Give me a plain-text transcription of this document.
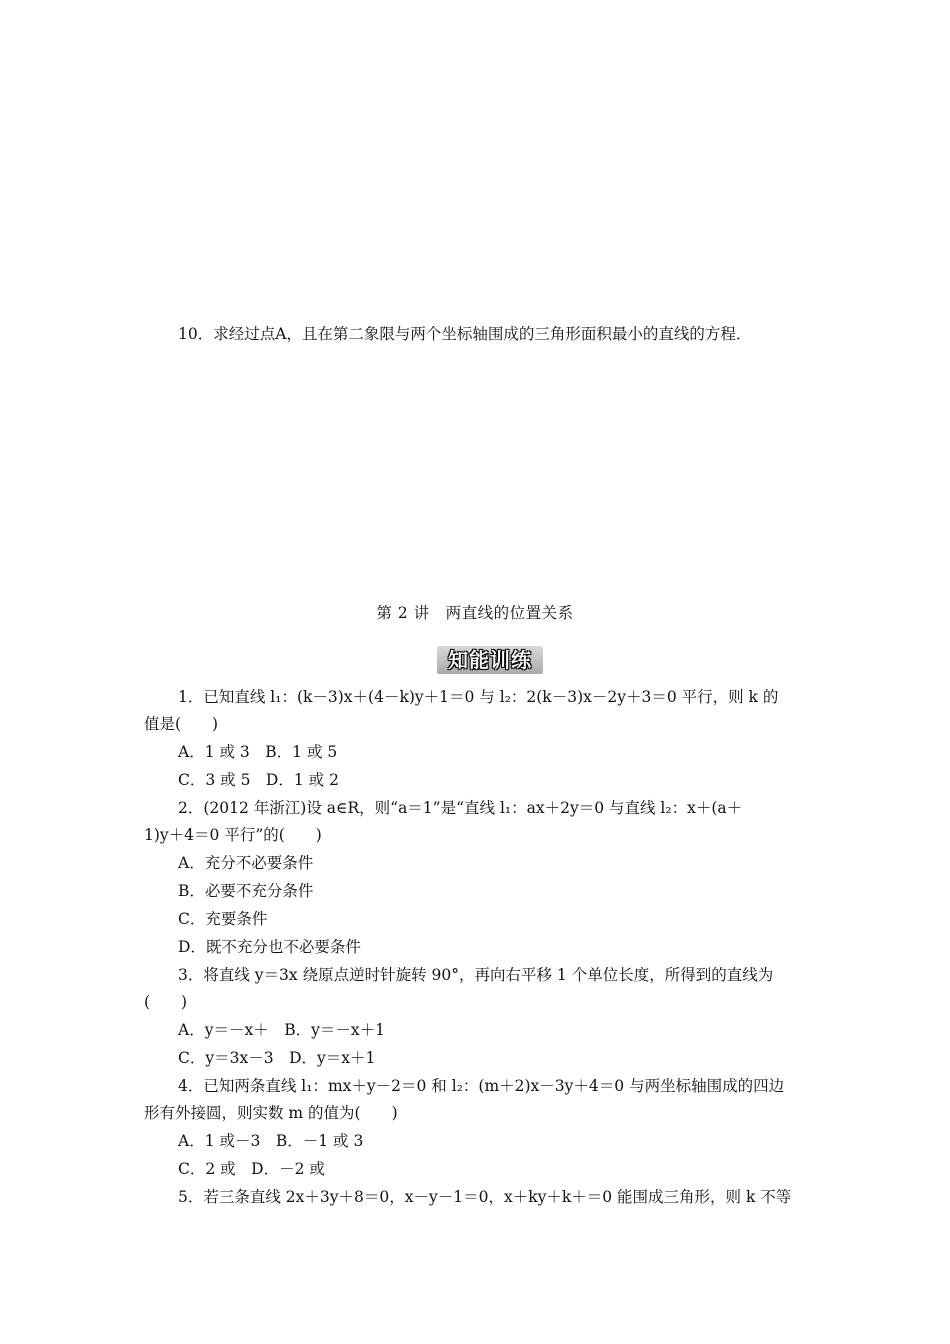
10．求经过点A，且在第二象限与两个坐标轴围成的三角形面积最小的直线的方程．
第 2 讲　两直线的位置关系
知能训练
1．已知直线 l₁：(k－3)x＋(4－k)y＋1＝0 与 l₂：2(k－3)x－2y＋3＝0 平行，则 k 的
值是(　　)
A．1 或 3　B．1 或 5
C．3 或 5　D．1 或 2
2．(2012 年浙江)设 a∈R，则“a＝1”是“直线 l₁：ax＋2y＝0 与直线 l₂：x＋(a＋
1)y＋4＝0 平行”的(　　)
A．充分不必要条件
B．必要不充分条件
C．充要条件
D．既不充分也不必要条件
3．将直线 y＝3x 绕原点逆时针旋转 90°，再向右平移 1 个单位长度，所得到的直线为
(　　)
A．y＝－x＋　B．y＝－x＋1
C．y＝3x－3　D．y＝x＋1
4．已知两条直线 l₁：mx＋y－2＝0 和 l₂：(m＋2)x－3y＋4＝0 与两坐标轴围成的四边
形有外接圆，则实数 m 的值为(　　)
A．1 或－3　B．－1 或 3
C．2 或　D．－2 或
5．若三条直线 2x＋3y＋8＝0，x－y－1＝0，x＋ky＋k＋＝0 能围成三角形，则 k 不等
